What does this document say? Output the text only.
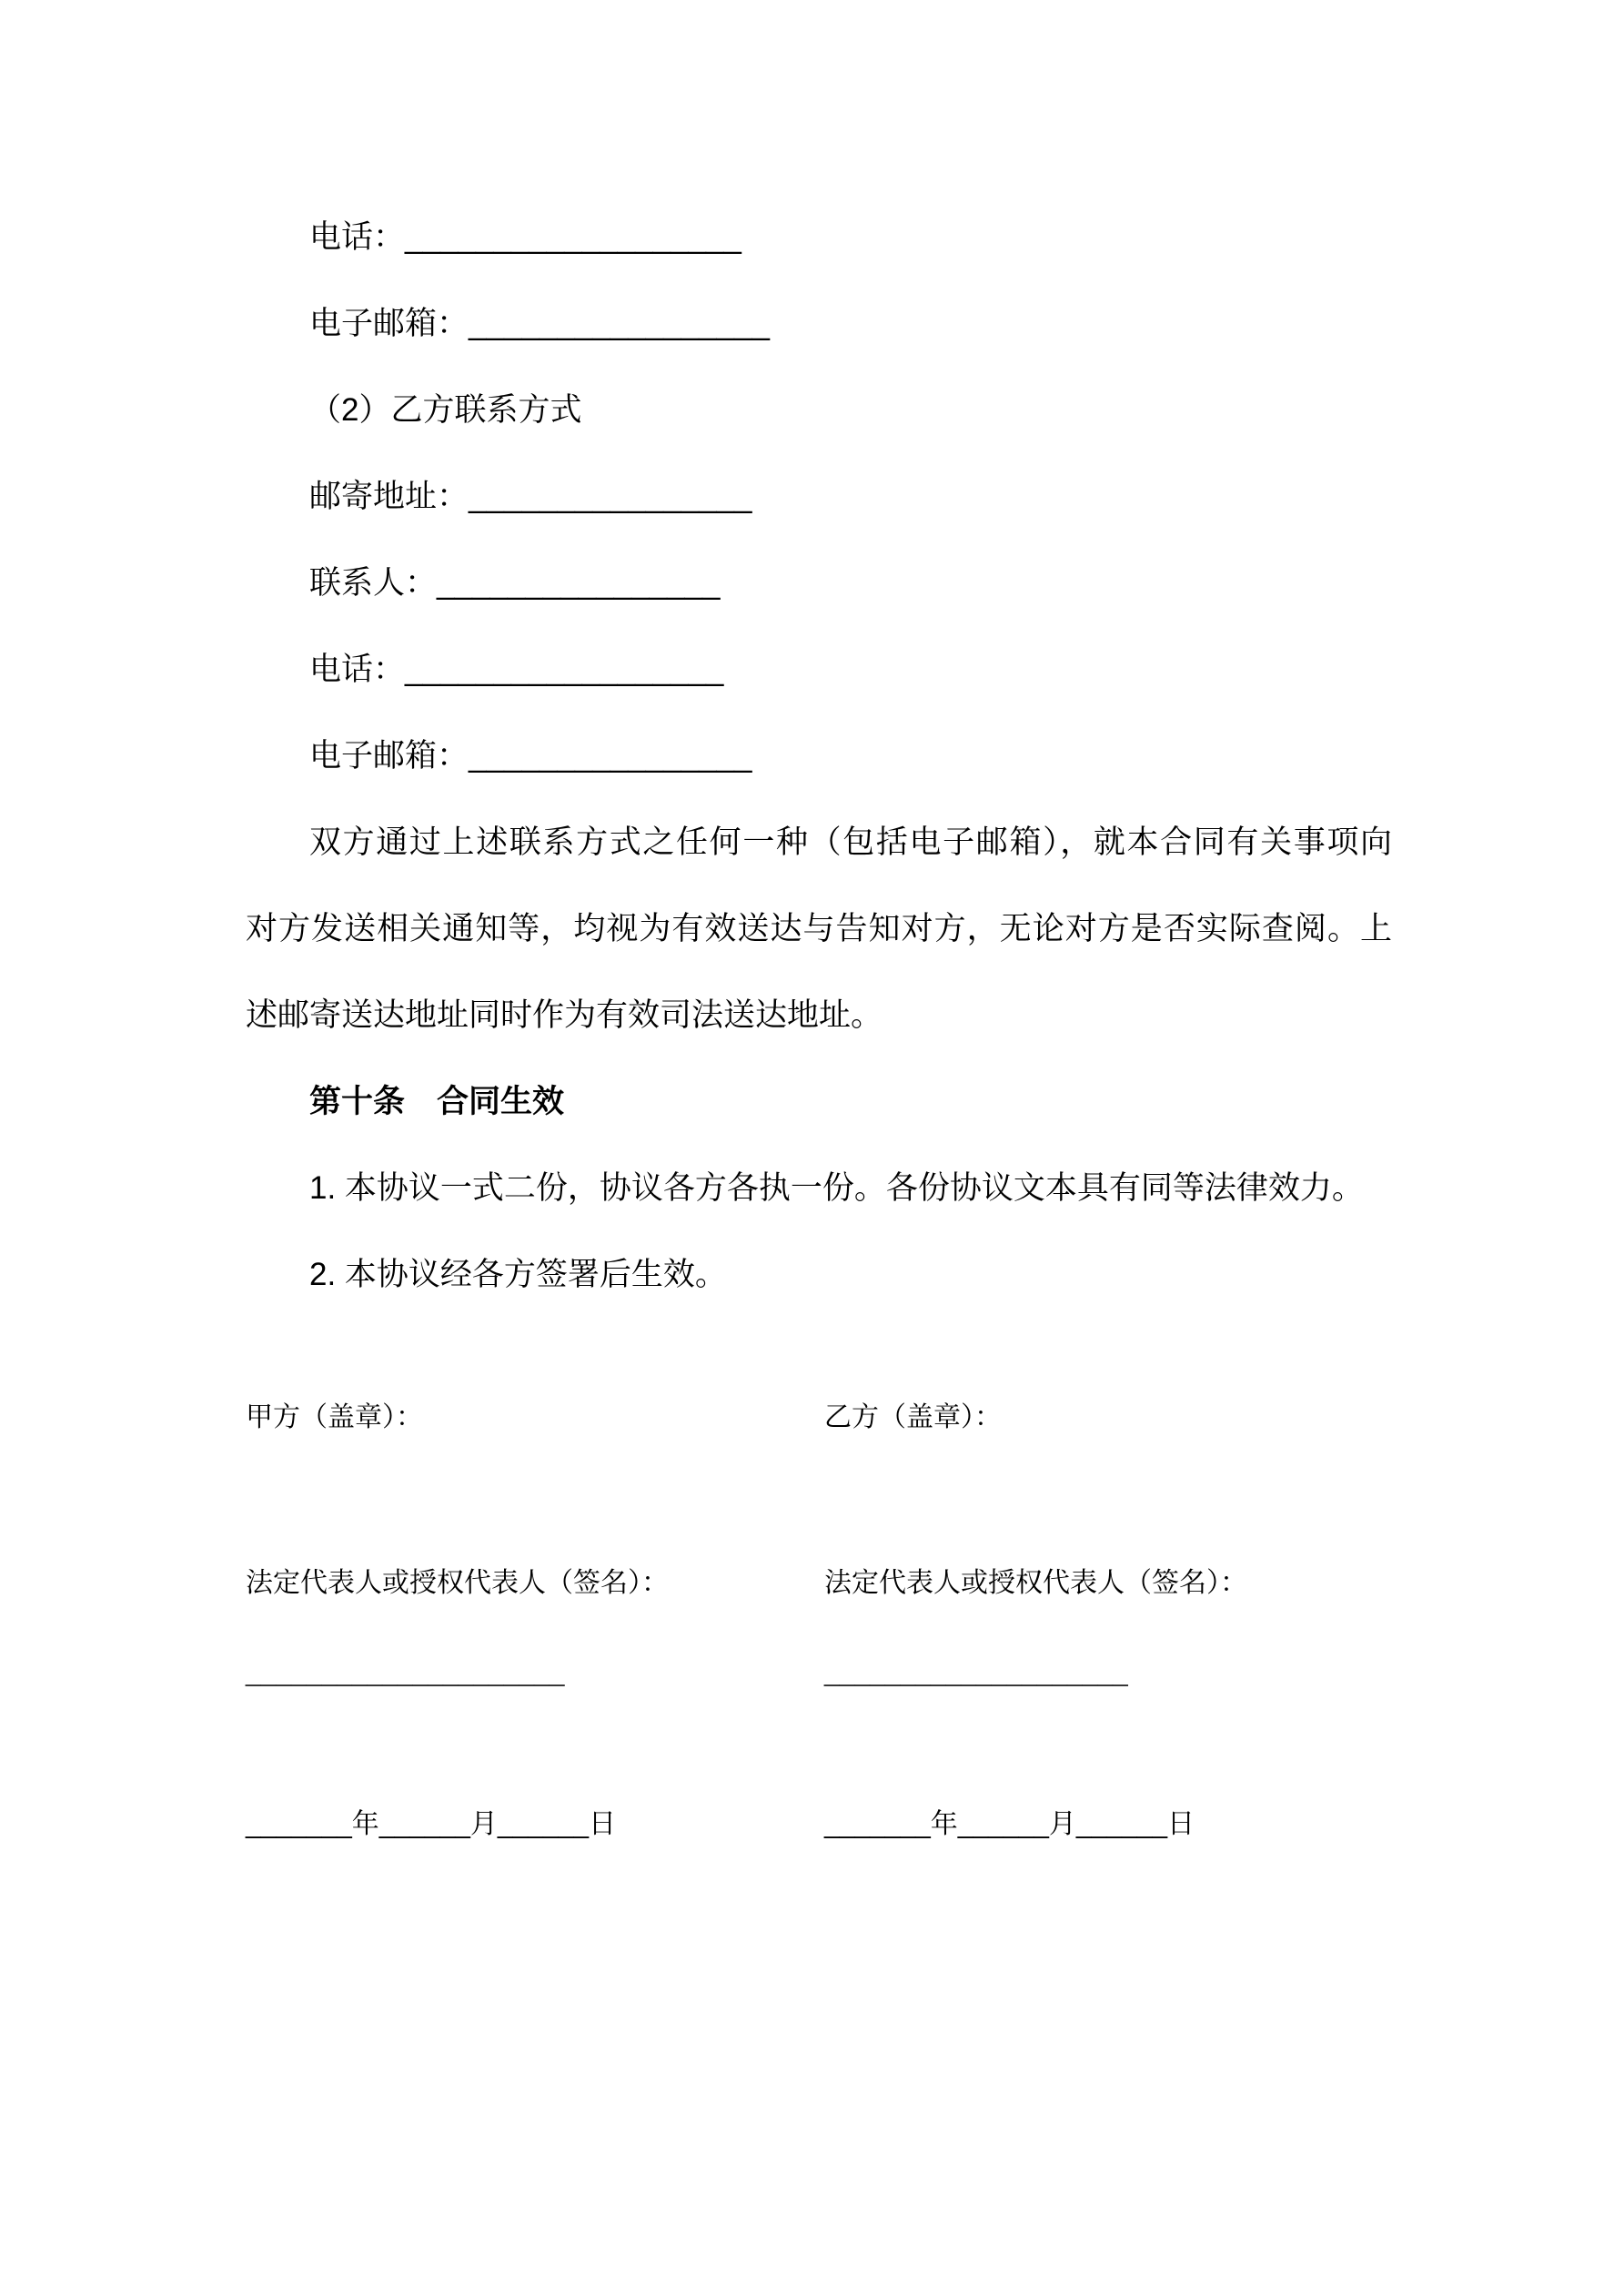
电话：___________________

电子邮箱：_________________

（2）乙方联系方式

邮寄地址：________________

联系人：________________

电话：__________________

电子邮箱：________________

双方通过上述联系方式之任何一种（包括电子邮箱），就本合同有关事项向
对方发送相关通知等，均视为有效送达与告知对方，无论对方是否实际查阅。上
述邮寄送达地址同时作为有效司法送达地址。

第十条　合同生效

1. 本协议一式二份，协议各方各执一份。各份协议文本具有同等法律效力。

2. 本协议经各方签署后生效。

甲方（盖章）：	乙方（盖章）：
法定代表人或授权代表人（签名）：	法定代表人或授权代表人（签名）：
_____________________	____________________
_______年______月______日	_______年______月______日
